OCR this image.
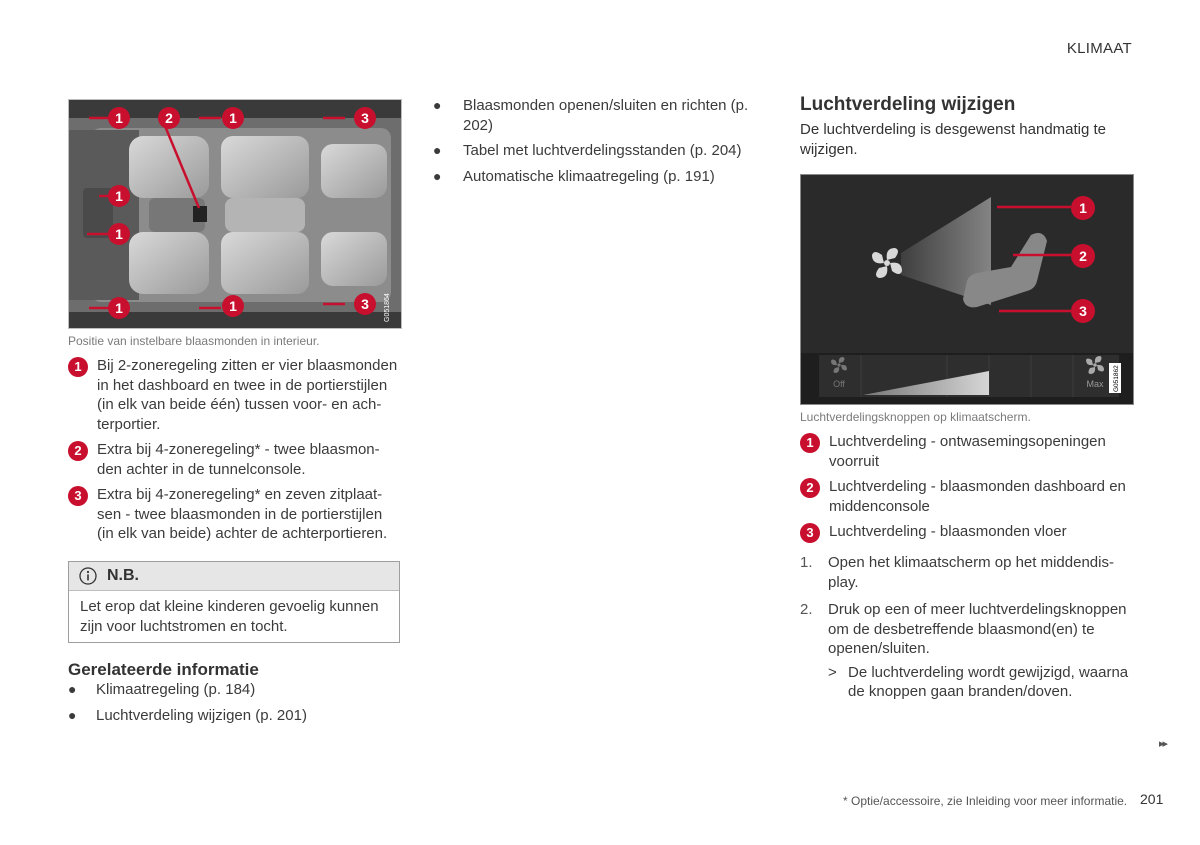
KLIMAAT
1	2	1	3
1
1
1	1	3 G051864
Positie van instelbare blaasmonden in interieur.
1	Bij 2-zoneregeling zitten er vier blaasmonden in het dashboard en twee in de portierstijlen (in elk van beide één) tussen voor- en ach-terportier.
2	Extra bij 4-zoneregeling* - twee blaasmon-den achter in de tunnelconsole.
3	Extra bij 4-zoneregeling* en zeven zitplaat-sen - twee blaasmonden in de portierstijlen (in elk van beide) achter de achterportieren.
N.B.
Let erop dat kleine kinderen gevoelig kunnen zijn voor luchtstromen en tocht.
Gerelateerde informatie
●	Klimaatregeling (p. 184)
●	Luchtverdeling wijzigen (p. 201)
●	Blaasmonden openen/sluiten en richten (p. 202)
●	Tabel met luchtverdelingsstanden (p. 204)
●	Automatische klimaatregeling (p. 191)
Luchtverdeling wijzigen
De luchtverdeling is desgewenst handmatig te wijzigen.
1
2
3
Off	Max G051862
Luchtverdelingsknoppen op klimaatscherm.
1	Luchtverdeling - ontwasemingsopeningen voorruit
2	Luchtverdeling - blaasmonden dashboard en middenconsole
3	Luchtverdeling - blaasmonden vloer
1.	Open het klimaatscherm op het middendis-play.
2.	Druk op een of meer luchtverdelingsknoppen om de desbetreffende blaasmond(en) te openen/sluiten.
> De luchtverdeling wordt gewijzigd, waarna de knoppen gaan branden/doven.
▸▸
* Optie/accessoire, zie Inleiding voor meer informatie. 201
